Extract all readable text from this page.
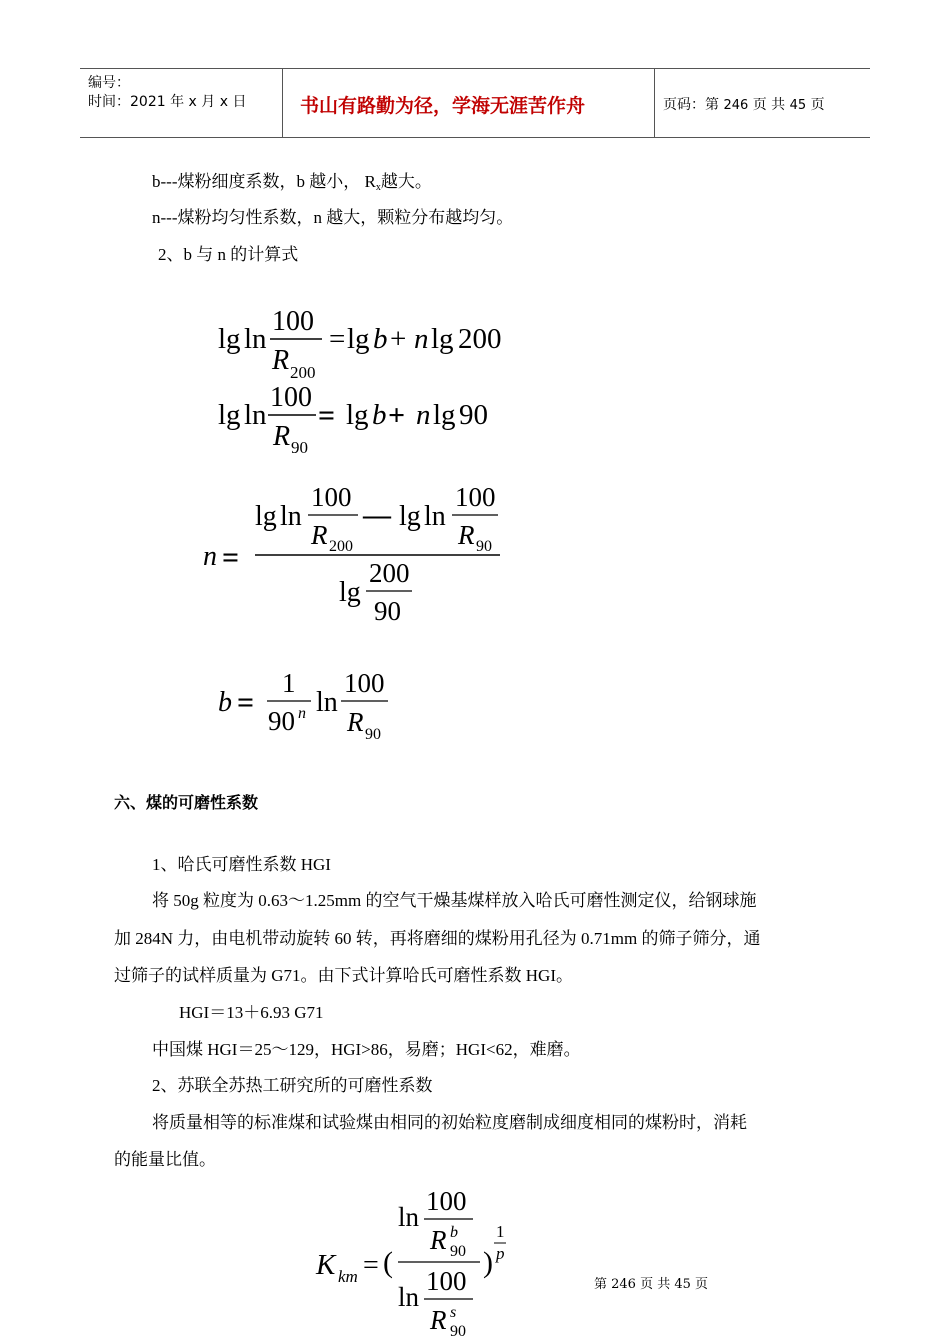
编号：
时间：2021 年 x 月 x 日	书山有路勤为径，学海无涯苦作舟	页码：第 246 页 共 45 页
b---煤粉细度系数，b 越小， Rx越大。
n---煤粉均匀性系数，n 越大，颗粒分布越均匀。
2、b 与 n 的计算式
lg ln
100
R 200
= lg b + n lg 200
lg ln
100
R 90
= lg b + n lg 90
n =
lg ln
100
R 200
— lg ln
100
R 90
lg
200
90
b =
1
90 n ln
100
R 90
六、煤的可磨性系数
1、哈氏可磨性系数 HGI
将 50g 粒度为 0.63～1.25mm 的空气干燥基煤样放入哈氏可磨性测定仪，给钢球施
加 284N 力，由电机带动旋转 60 转，再将磨细的煤粉用孔径为 0.71mm 的筛子筛分，通
过筛子的试样质量为 G71。由下式计算哈氏可磨性系数 HGI。
HGI＝13＋6.93 G71
中国煤 HGI＝25～129，HGI>86，易磨；HGI<62，难磨。
2、苏联全苏热工研究所的可磨性系数
将质量相等的标准煤和试验煤由相同的初始粒度磨制成细度相同的煤粉时，消耗
的能量比值。
K km = (	)
1
p
ln
100
R b
90
ln
100
R s
90
第 246 页 共 45 页
